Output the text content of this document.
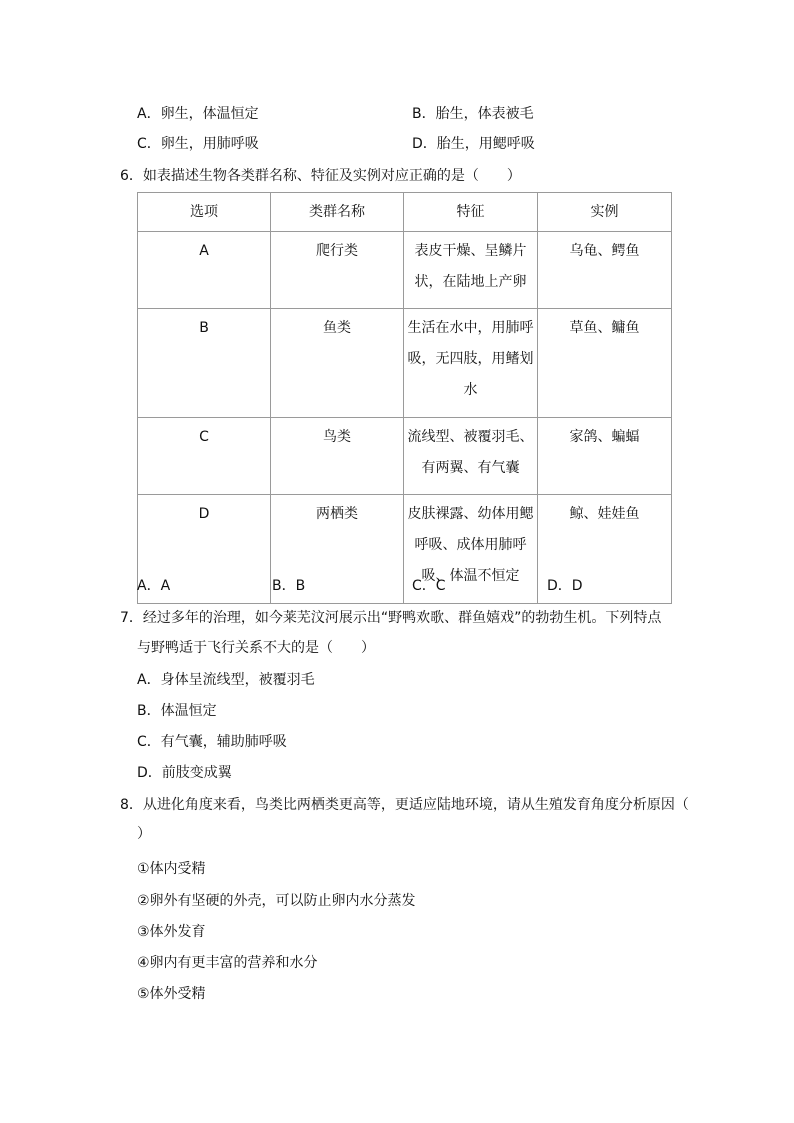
A．卵生，体温恒定	B．胎生，体表被毛
C．卵生，用肺呼吸	D．胎生，用鳃呼吸
6．如表描述生物各类群名称、特征及实例对应正确的是（　　）
选项	类群名称	特征	实例
A	爬行类	表皮干燥、呈鳞片状，在陆地上产卵	乌龟、鳄鱼
B	鱼类	生活在水中，用肺呼吸，无四肢，用鳍划水	草鱼、鳙鱼
C	鸟类	流线型、被覆羽毛、有两翼、有气囊	家鸽、蝙蝠
D	两栖类	皮肤裸露、幼体用鳃呼吸、成体用肺呼吸、体温不恒定	鲸、娃娃鱼
A．A	B．B	C．C	D．D
7．经过多年的治理，如今莱芜汶河展示出“野鸭欢歌、群鱼嬉戏”的勃勃生机。下列特点
与野鸭适于飞行关系不大的是（　　）
A．身体呈流线型，被覆羽毛
B．体温恒定
C．有气囊，辅助肺呼吸
D．前肢变成翼
8．从进化角度来看，鸟类比两栖类更高等，更适应陆地环境，请从生殖发育角度分析原因（
）
①体内受精
②卵外有坚硬的外壳，可以防止卵内水分蒸发
③体外发育
④卵内有更丰富的营养和水分
⑤体外受精
